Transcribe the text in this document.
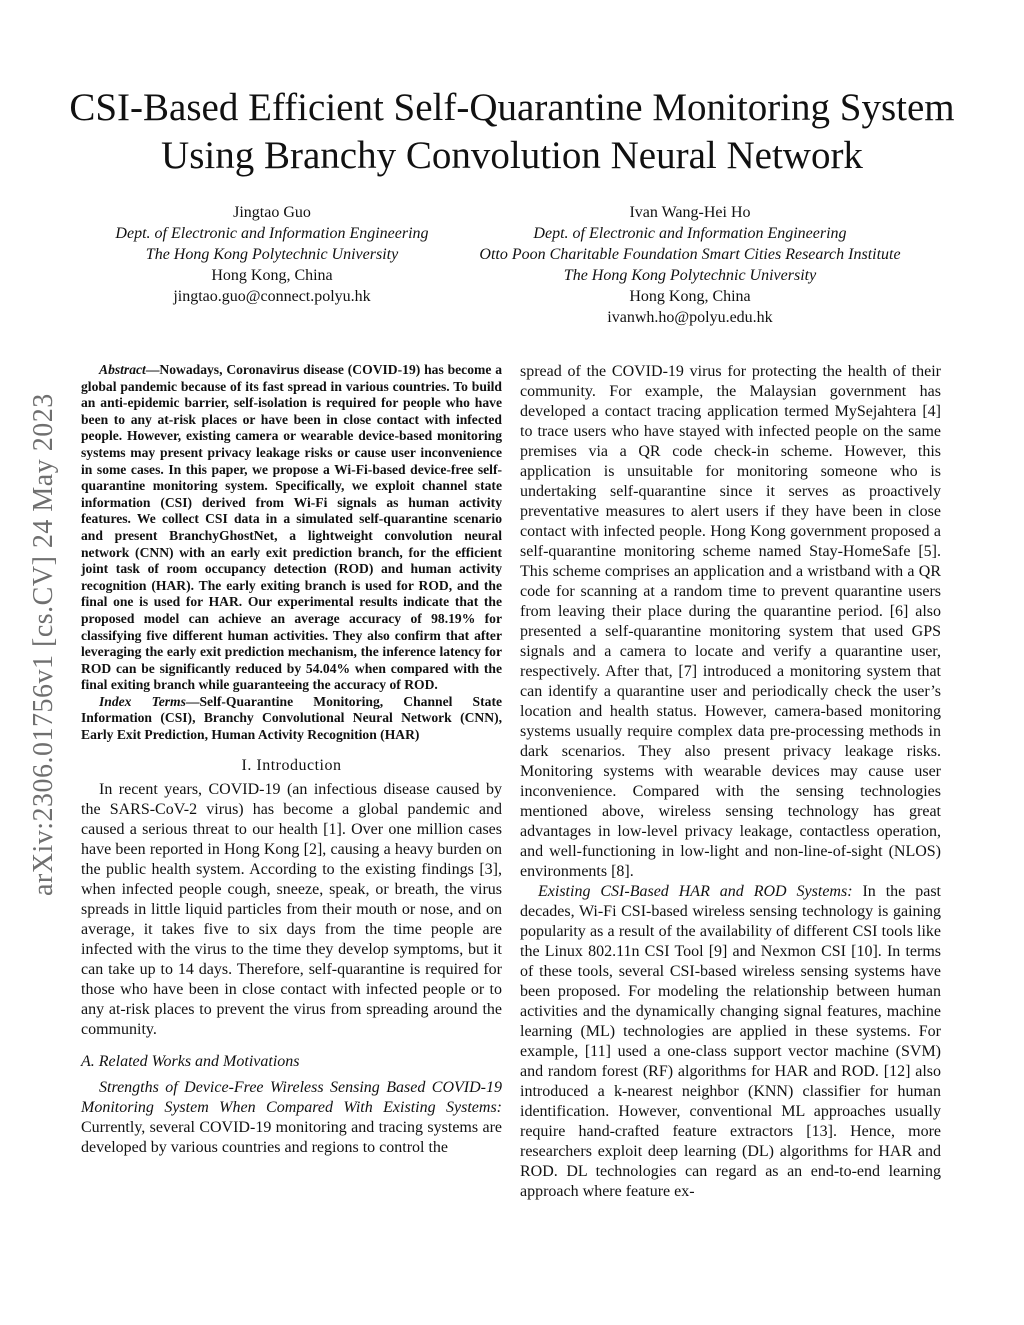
arXiv:2306.01756v1 [cs.CV] 24 May 2023
CSI-Based Efficient Self-Quarantine Monitoring System Using Branchy Convolution Neural Network
Jingtao Guo
Dept. of Electronic and Information Engineering
The Hong Kong Polytechnic University
Hong Kong, China
jingtao.guo@connect.polyu.hk
Ivan Wang-Hei Ho
Dept. of Electronic and Information Engineering
Otto Poon Charitable Foundation Smart Cities Research Institute
The Hong Kong Polytechnic University
Hong Kong, China
ivanwh.ho@polyu.edu.hk

Abstract—Nowadays, Coronavirus disease (COVID-19) has become a global pandemic because of its fast spread in various countries. To build an anti-epidemic barrier, self-isolation is required for people who have been to any at-risk places or have been in close contact with infected people. However, existing camera or wearable device-based monitoring systems may present privacy leakage risks or cause user inconvenience in some cases. In this paper, we propose a Wi-Fi-based device-free self-quarantine monitoring system. Specifically, we exploit channel state information (CSI) derived from Wi-Fi signals as human activity features. We collect CSI data in a simulated self-quarantine scenario and present BranchyGhostNet, a lightweight convolution neural network (CNN) with an early exit prediction branch, for the efficient joint task of room occupancy detection (ROD) and human activity recognition (HAR). The early exiting branch is used for ROD, and the final one is used for HAR. Our experimental results indicate that the proposed model can achieve an average accuracy of 98.19% for classifying five different human activities. They also confirm that after leveraging the early exit prediction mechanism, the inference latency for ROD can be significantly reduced by 54.04% when compared with the final exiting branch while guaranteeing the accuracy of ROD.

Index Terms—Self-Quarantine Monitoring, Channel State Information (CSI), Branchy Convolutional Neural Network (CNN), Early Exit Prediction, Human Activity Recognition (HAR)

I. Introduction

In recent years, COVID-19 (an infectious disease caused by the SARS-CoV-2 virus) has become a global pandemic and caused a serious threat to our health [1]. Over one million cases have been reported in Hong Kong [2], causing a heavy burden on the public health system. According to the existing findings [3], when infected people cough, sneeze, speak, or breath, the virus spreads in little liquid particles from their mouth or nose, and on average, it takes five to six days from the time people are infected with the virus to the time they develop symptoms, but it can take up to 14 days. Therefore, self-quarantine is required for those who have been in close contact with infected people or to any at-risk places to prevent the virus from spreading around the community.

A. Related Works and Motivations

Strengths of Device-Free Wireless Sensing Based COVID-19 Monitoring System When Compared With Existing Systems: Currently, several COVID-19 monitoring and tracing systems are developed by various countries and regions to control the

spread of the COVID-19 virus for protecting the health of their community. For example, the Malaysian government has developed a contact tracing application termed MySejahtera [4] to trace users who have stayed with infected people on the same premises via a QR code check-in scheme. However, this application is unsuitable for monitoring someone who is undertaking self-quarantine since it serves as proactively preventative measures to alert users if they have been in close contact with infected people. Hong Kong government proposed a self-quarantine monitoring scheme named Stay-HomeSafe [5]. This scheme comprises an application and a wristband with a QR code for scanning at a random time to prevent quarantine users from leaving their place during the quarantine period. [6] also presented a self-quarantine monitoring system that used GPS signals and a camera to locate and verify a quarantine user, respectively. After that, [7] introduced a monitoring system that can identify a quarantine user and periodically check the user’s location and health status. However, camera-based monitoring systems usually require complex data pre-processing methods in dark scenarios. They also present privacy leakage risks. Monitoring systems with wearable devices may cause user inconvenience. Compared with the sensing technologies mentioned above, wireless sensing technology has great advantages in low-level privacy leakage, contactless operation, and well-functioning in low-light and non-line-of-sight (NLOS) environments [8].

Existing CSI-Based HAR and ROD Systems: In the past decades, Wi-Fi CSI-based wireless sensing technology is gaining popularity as a result of the availability of different CSI tools like the Linux 802.11n CSI Tool [9] and Nexmon CSI [10]. In terms of these tools, several CSI-based wireless sensing systems have been proposed. For modeling the relationship between human activities and the dynamically changing signal features, machine learning (ML) technologies are applied in these systems. For example, [11] used a one-class support vector machine (SVM) and random forest (RF) algorithms for HAR and ROD. [12] also introduced a k-nearest neighbor (KNN) classifier for human identification. However, conventional ML approaches usually require hand-crafted feature extractors [13]. Hence, more researchers exploit deep learning (DL) algorithms for HAR and ROD. DL technologies can regard as an end-to-end learning approach where feature ex-
